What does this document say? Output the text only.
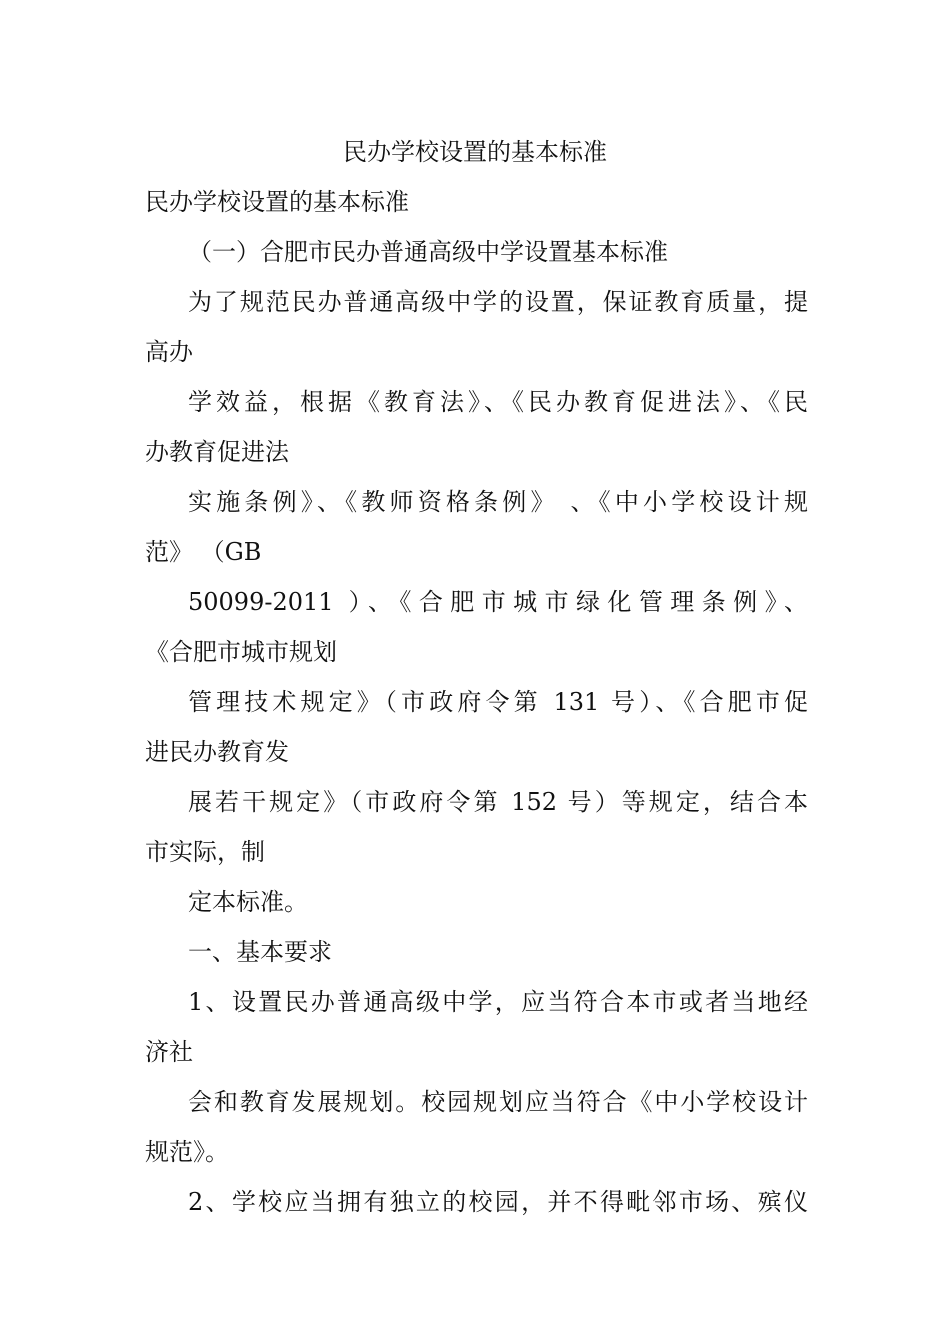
民办学校设置的基本标准
民办学校设置的基本标准
（一）合肥市民办普通高级中学设置基本标准
为了规范民办普通高级中学的设置，保证教育质量，提
高办
学效益，根据《教育法》、《民办教育促进法》、《民
办教育促进法
实施条例》、《教师资格条例》 、《中小学校设计规
范》 （GB
50099-2011 ）、《合肥市城市绿化管理条例》、
《合肥市城市规划
管理技术规定》（市政府令第 131 号）、《合肥市促
进民办教育发
展若干规定》（市政府令第 152 号）等规定，结合本
市实际，制
定本标准。
一、基本要求
1、设置民办普通高级中学，应当符合本市或者当地经
济社
会和教育发展规划。校园规划应当符合《中小学校设计
规范》。
2、学校应当拥有独立的校园，并不得毗邻市场、殡仪
